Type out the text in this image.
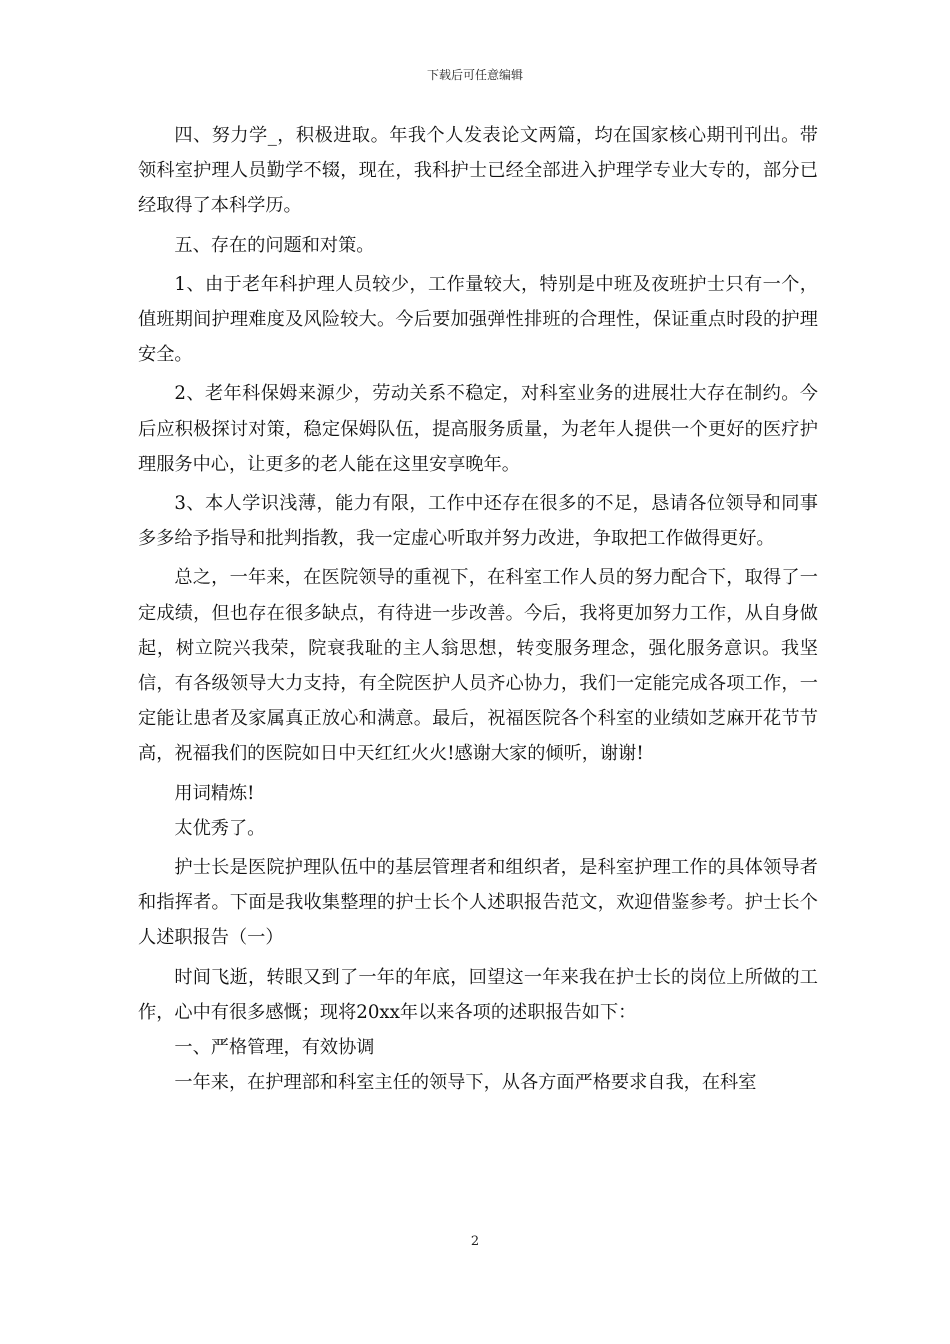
下载后可任意编辑

四、努力学_，积极进取。年我个人发表论文两篇，均在国家核心期刊刊出。带领科室护理人员勤学不辍，现在，我科护士已经全部进入护理学专业大专的，部分已经取得了本科学历。

五、存在的问题和对策。

1、由于老年科护理人员较少，工作量较大，特别是中班及夜班护士只有一个，值班期间护理难度及风险较大。今后要加强弹性排班的合理性，保证重点时段的护理安全。

2、老年科保姆来源少，劳动关系不稳定，对科室业务的进展壮大存在制约。今后应积极探讨对策，稳定保姆队伍，提高服务质量，为老年人提供一个更好的医疗护理服务中心，让更多的老人能在这里安享晚年。

3、本人学识浅薄，能力有限，工作中还存在很多的不足，恳请各位领导和同事多多给予指导和批判指教，我一定虚心听取并努力改进，争取把工作做得更好。

总之，一年来，在医院领导的重视下，在科室工作人员的努力配合下，取得了一定成绩，但也存在很多缺点，有待进一步改善。今后，我将更加努力工作，从自身做起，树立院兴我荣，院衰我耻的主人翁思想，转变服务理念，强化服务意识。我坚信，有各级领导大力支持，有全院医护人员齐心协力，我们一定能完成各项工作，一定能让患者及家属真正放心和满意。最后，祝福医院各个科室的业绩如芝麻开花节节高，祝福我们的医院如日中天红红火火!感谢大家的倾听，谢谢!

用词精炼!

太优秀了。

护士长是医院护理队伍中的基层管理者和组织者，是科室护理工作的具体领导者和指挥者。下面是我收集整理的护士长个人述职报告范文，欢迎借鉴参考。护士长个人述职报告（一）

时间飞逝，转眼又到了一年的年底，回望这一年来我在护士长的岗位上所做的工作，心中有很多感慨；现将20xx年以来各项的述职报告如下：

一、严格管理，有效协调

一年来，在护理部和科室主任的领导下，从各方面严格要求自我，在科室

2
